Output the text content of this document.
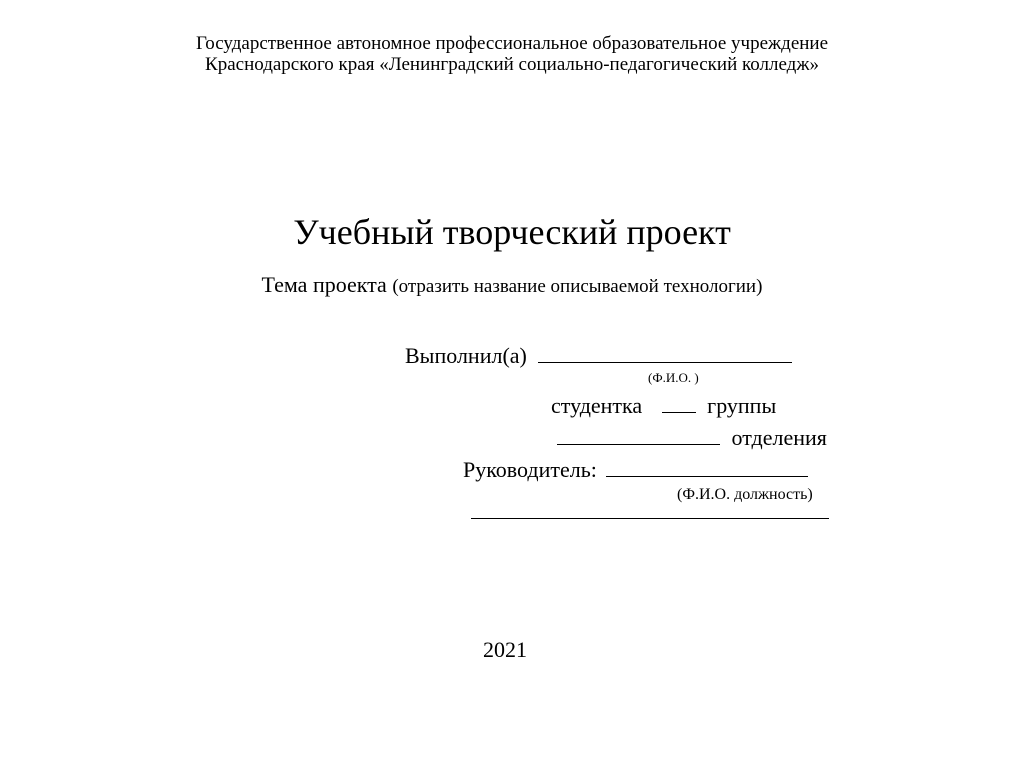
Государственное автономное профессиональное образовательное учреждение
Краснодарского края «Ленинградский социально-педагогический колледж»
Учебный творческий проект
Тема проекта (отразить название описываемой технологии)
Выполнил(а)
(Ф.И.О. )
студентка	группы
отделения
Руководитель:
(Ф.И.О. должность)
2021
